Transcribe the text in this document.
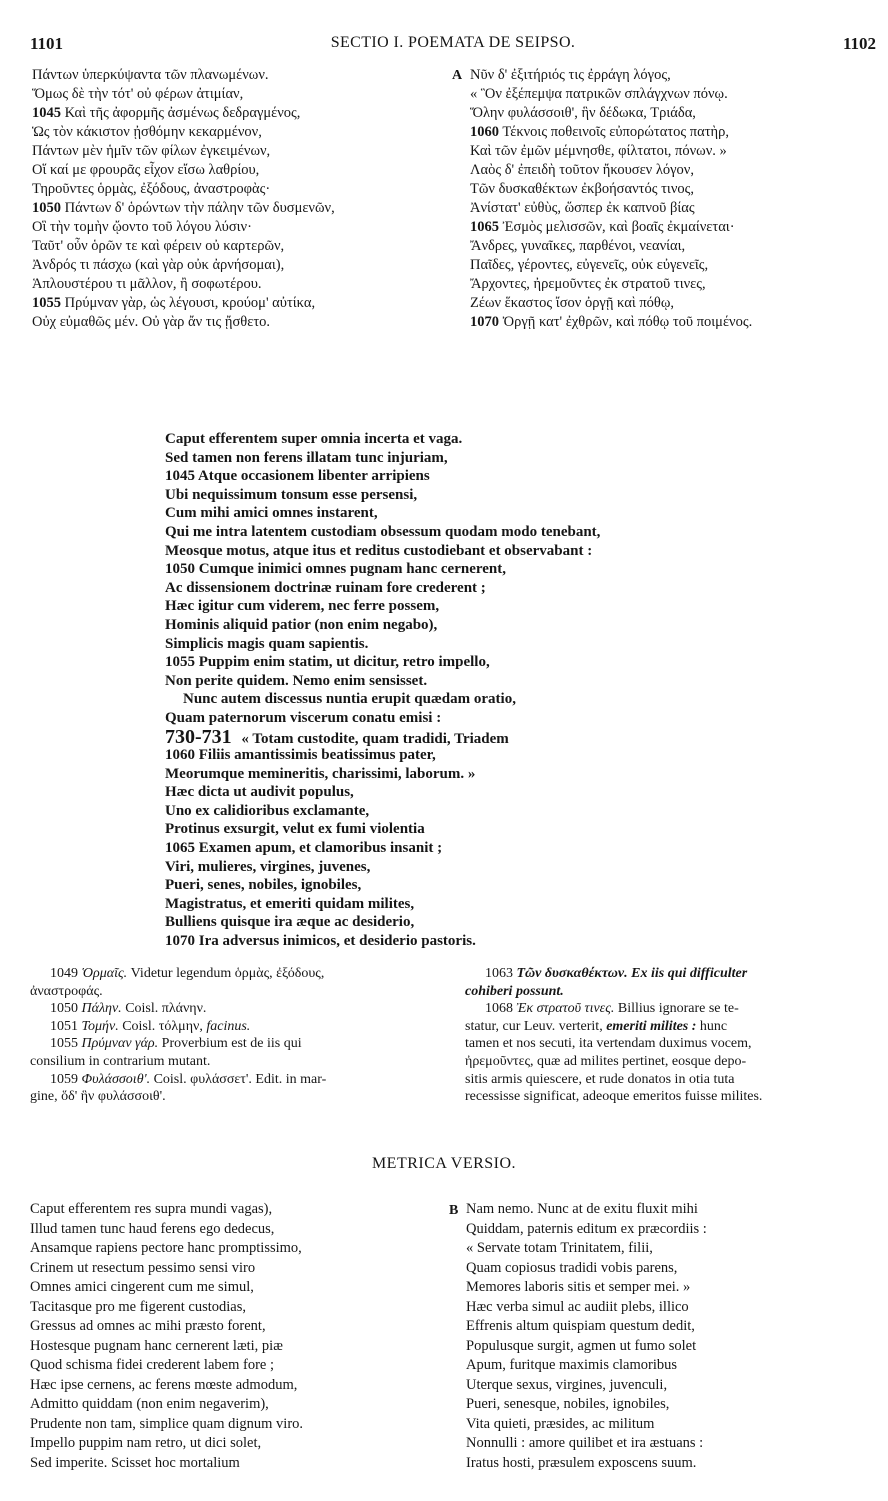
1101	SECTIO I. POEMATA DE SEIPSO.	1102
Πάντων ὑπερκύψαντα τῶν πλανωμένων.
Ὅμως δὲ τὴν τότ' οὐ φέρων ἀτιμίαν,
1045 Καὶ τῆς ἀφορμῆς ἀσμένως δεδραγμένος,
Ὡς τὸν κάκιστον ᾐσθόμην κεκαρμένον,
Πάντων μὲν ἡμῖν τῶν φίλων ἐγκειμένων,
Οἵ καί με φρουρᾶς εἶχον εἴσω λαθρίου,
Τηροῦντες ὁρμὰς, ἐξόδους, ἀναστροφὰς·
1050 Πάντων δ' ὁρώντων τὴν πάλην τῶν δυσμενῶν,
Οἳ τὴν τομὴν ᾤοντο τοῦ λόγου λύσιν·
Ταῦτ' οὖν ὁρῶν τε καὶ φέρειν οὐ καρτερῶν,
Ἀνδρός τι πάσχω (καὶ γὰρ οὐκ ἀρνήσομαι),
Ἁπλουστέρου τι μᾶλλον, ἢ σοφωτέρου.
1055 Πρύμναν γὰρ, ὡς λέγουσι, κρούομ' αὐτίκα,
Οὐχ εὐμαθῶς μέν. Οὐ γὰρ ἄν τις ᾔσθετο.
A Νῦν δ' ἐξιτήριός τις ἐρράγη λόγος,
« Ὃν ἐξέπεμψα πατρικῶν σπλάγχνων πόνῳ.
Ὅλην φυλάσσοιθ', ἣν δέδωκα, Τριάδα,
1060 Τέκνοις ποθεινοῖς εὐπορώτατος πατὴρ,
Καὶ τῶν ἐμῶν μέμνησθε, φίλτατοι, πόνων. »
Λαὸς δ' ἐπειδὴ τοῦτον ἤκουσεν λόγον,
Τῶν δυσκαθέκτων ἐκβοήσαντός τινος,
Ἀνίστατ' εὐθὺς, ὥσπερ ἐκ καπνοῦ βίας
1065 Ἐσμὸς μελισσῶν, καὶ βοαῖς ἐκμαίνεται·
Ἄνδρες, γυναῖκες, παρθένοι, νεανίαι,
Παῖδες, γέροντες, εὐγενεῖς, οὐκ εὐγενεῖς,
Ἄρχοντες, ἠρεμοῦντες ἐκ στρατοῦ τινες,
Ζέων ἕκαστος ἴσον ὀργῇ καὶ πόθῳ,
1070 Ὀργῇ κατ' ἐχθρῶν, καὶ πόθῳ τοῦ ποιμένος.
Caput efferentem super omnia incerta et vaga.
Sed tamen non ferens illatam tunc injuriam,
1045 Atque occasionem libenter arripiens
Ubi nequissimum tonsum esse persensi,
Cum mihi amici omnes instarent,
Qui me intra latentem custodiam obsessum quodam modo tenebant,
Meosque motus, atque itus et reditus custodiebant et observabant :
1050 Cumque inimici omnes pugnam hanc cernerent,
Ac dissensionem doctrinæ ruinam fore crederent ;
Hæc igitur cum viderem, nec ferre possem,
Hominis aliquid patior (non enim negabo),
Simplicis magis quam sapientis.
1055 Puppim enim statim, ut dicitur, retro impello,
Non perite quidem. Nemo enim sensisset.
Nunc autem discessus nuntia erupit quædam oratio,
Quam paternorum viscerum conatu emisi :
730-731 « Totam custodite, quam tradidi, Triadem
1060 Filiis amantissimis beatissimus pater,
Meorumque memineritis, charissimi, laborum. »
Hæc dicta ut audivit populus,
Uno ex calidioribus exclamante,
Protinus exsurgit, velut ex fumi violentia
1065 Examen apum, et clamoribus insanit ;
Viri, mulieres, virgines, juvenes,
Pueri, senes, nobiles, ignobiles,
Magistratus, et emeriti quidam milites,
Bulliens quisque ira æque ac desiderio,
1070 Ira adversus inimicos, et desiderio pastoris.
1049 Ὁρμαῖς. Videtur legendum ὁρμὰς, ἐξόδους,
ἀναστροφάς.
1050 Πάλην. Coisl. πλάνην.
1051 Τομήν. Coisl. τόλμην, facinus.
1055 Πρύμναν γάρ. Proverbium est de iis qui
consilium in contrarium mutant.
1059 Φυλάσσοιθ'. Coisl. φυλάσσετ'. Edit. in mar-
gine, ὅδ' ἣν φυλάσσοιθ'.
1063 Τῶν δυσκαθέκτων. Ex iis qui difficulter
cohiberi possunt.
1068 Ἐκ στρατοῦ τινες. Billius ignorare se te-
statur, cur Leuv. verterit, emeriti milites : hunc
tamen et nos secuti, ita vertendam duximus vocem,
ἠρεμοῦντες, quæ ad milites pertinet, eosque depo-
sitis armis quiescere, et rude donatos in otia tuta
recessisse significat, adeoque emeritos fuisse milites.
METRICA VERSIO.
Caput efferentem res supra mundi vagas),
Illud tamen tunc haud ferens ego dedecus,
Ansamque rapiens pectore hanc promptissimo,
Crinem ut resectum pessimo sensi viro
Omnes amici cingerent cum me simul,
Tacitasque pro me figerent custodias,
Gressus ad omnes ac mihi præsto forent,
Hostesque pugnam hanc cernerent læti, piæ
Quod schisma fidei crederent labem fore ;
Hæc ipse cernens, ac ferens mœste admodum,
Admitto quiddam (non enim negaverim),
Prudente non tam, simplice quam dignum viro.
Impello puppim nam retro, ut dici solet,
Sed imperite. Scisset hoc mortalium
B Nam nemo. Nunc at de exitu fluxit mihi
Quiddam, paternis editum ex præcordiis :
« Servate totam Trinitatem, filii,
Quam copiosus tradidi vobis parens,
Memores laboris sitis et semper mei. »
Hæc verba simul ac audiit plebs, illico
Effrenis altum quispiam questum dedit,
Populusque surgit, agmen ut fumo solet
Apum, furitque maximis clamoribus
Uterque sexus, virgines, juvenculi,
Pueri, senesque, nobiles, ignobiles,
Vita quieti, præsides, ac militum
Nonnulli : amore quilibet et ira æstuans :
Iratus hosti, præsulem exposcens suum.
